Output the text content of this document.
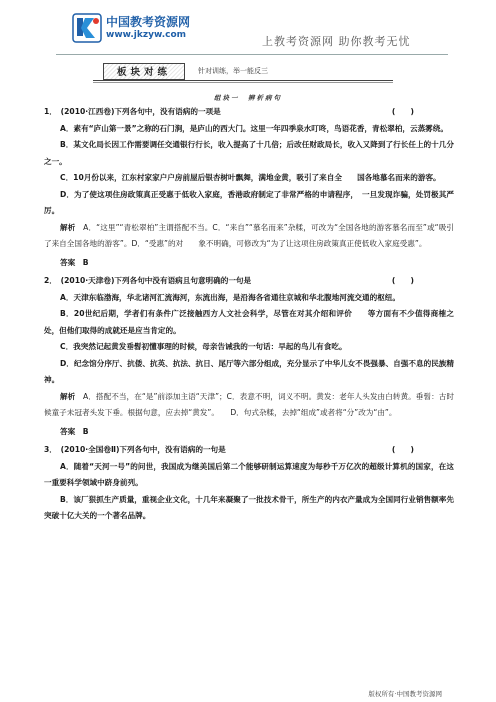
中国教考资源网
www.jkzyw.com	上教考资源网 助你教考无忧
板块对练	针对训练，举一能反三
组块一　辨析病句

1．　(2010·江西卷)下列各句中，没有语病的一项是	(　　)

A．素有“庐山第一景”之称的石门涧，是庐山的西大门。这里一年四季泉水叮咚，鸟语花香，青松翠柏，云蒸雾绕。

B．某文化局长因工作需要调任交通银行行长，收入提高了十几倍；后改任财政局长，收入又降到了行长任上的十几分之一。

C．10月份以来，江东村家家户户房前屋后银杏树叶飘舞，满地金黄，吸引了来自全　　国各地慕名而来的游客。

D．为了使这项住房政策真正受惠于低收入家庭，香港政府制定了非常严格的申请程序，　一旦发现诈骗，处罚极其严厉。

解析　 A．“这里”“青松翠柏”主谓搭配不当。C．“来自”“慕名而来”杂糅，可改为“全国各地的游客慕名而至”或“吸引了来自全国各地的游客”。D．“受惠”的对　　象不明确，可修改为“为了让这项住房政策真正使低收入家庭受惠”。

答案　 B

2．　(2010·天津卷)下列各句中没有语病且句意明确的一句是	(　　)

A．天津东临渤海，华北诸河汇流海河，东流出海，是沿海各省通往京城和华北腹地河流交通的枢纽。

B．20世纪后期，学者们有条件广泛接触西方人文社会科学，尽管在对其介绍和评价　　等方面有不少值得商榷之处，但他们取得的成就还是应当肯定的。

C．我突然记起黄发垂髫初懂事理的时候，母亲告诫我的一句话：早起的鸟儿有食吃。

D．纪念馆分序厅、抗倭、抗英、抗法、抗日、尾厅等六部分组成，充分显示了中华儿女不畏强暴、自强不息的民族精神。

解析　 A．搭配不当，在“是”前添加主语“天津”；C．表意不明，词义不明。黄发：老年人头发由白转黄。垂髫：古时候童子未冠者头发下垂。根据句意，应去掉“黄发”。　　D．句式杂糅，去掉“组成”或者将“分”改为“由”。

答案　 B

3．　(2010·全国卷Ⅱ)下列各句中，没有语病的一句是	(　　)

A．随着“天河一号”的问世，我国成为继美国后第二个能够研制运算速度为每秒千万亿次的超级计算机的国家，在这一重要科学领域中跻身前列。

B．该厂狠抓生产质量，重视企业文化，十几年来凝聚了一批技术骨干，所生产的内衣产量成为全国同行业销售额率先突破十亿大关的一个著名品牌。

版权所有·中国教考资源网
